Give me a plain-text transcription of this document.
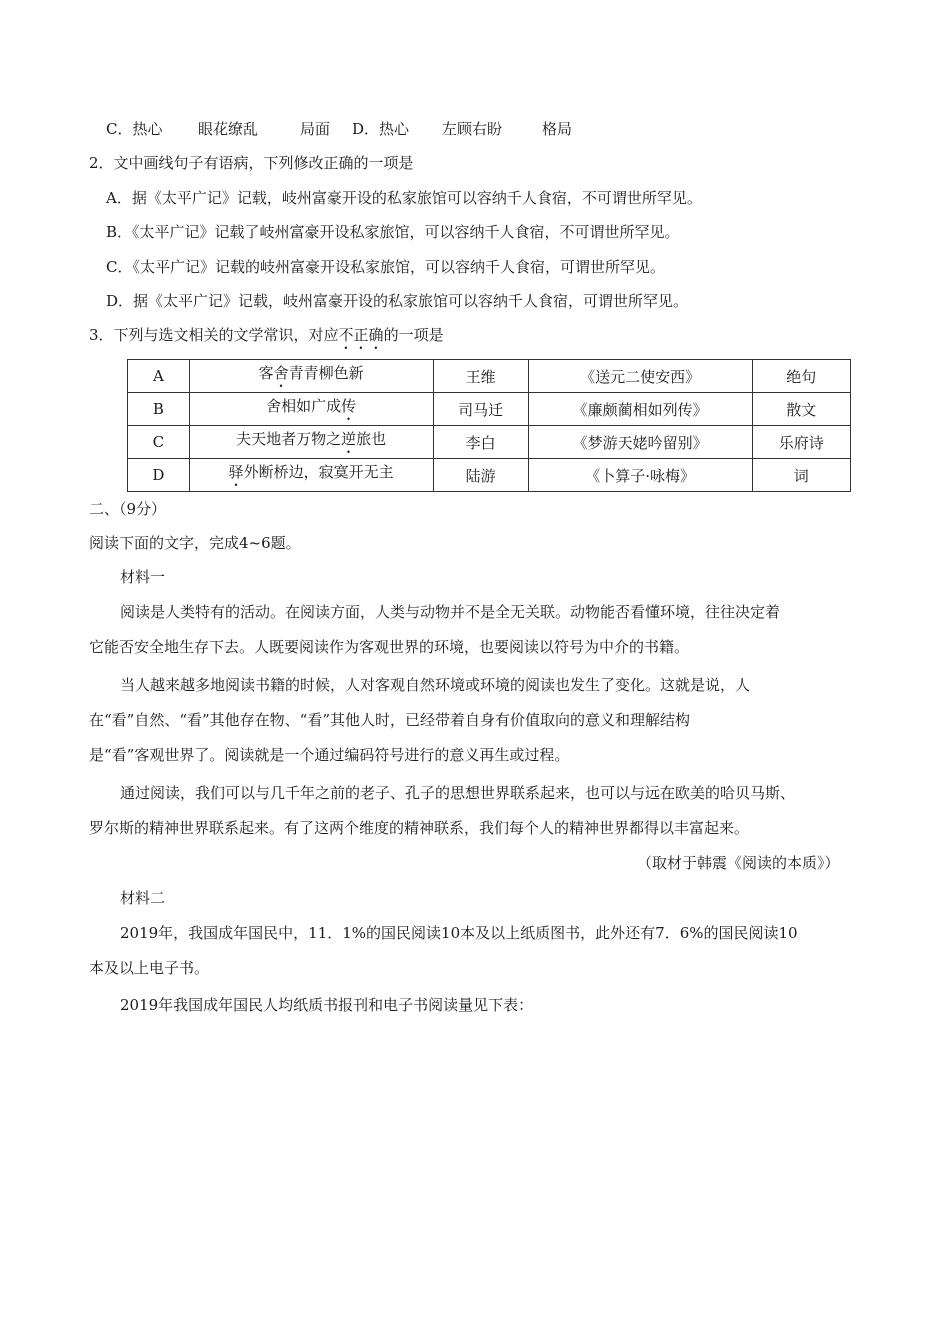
C．热心 眼花缭乱	局面 D．热心 左顾右盼	格局
2．文中画线句子有语病，下列修改正确的一项是
A．据《太平广记》记载，岐州富豪开设的私家旅馆可以容纳千人食宿，不可谓世所罕见。
B．《太平广记》记载了岐州富豪开设私家旅馆，可以容纳千人食宿，不可谓世所罕见。
C．《太平广记》记载的岐州富豪开设私家旅馆，可以容纳千人食宿，可谓世所罕见。
D．据《太平广记》记载，岐州富豪开设的私家旅馆可以容纳千人食宿，可谓世所罕见。
3．下列与选文相关的文学常识，对应不正确的一项是
A	客舍青青柳色新	王维	《送元二使安西》	绝句
B	舍相如广成传	司马迁	《廉颇蔺相如列传》	散文
C	夫天地者万物之逆旅也	李白	《梦游天姥吟留别》	乐府诗
D	驿外断桥边，寂寞开无主	陆游	《卜算子·咏梅》	词
二、（9分）
阅读下面的文字，完成4~6题。
材料一
阅读是人类特有的活动。在阅读方面，人类与动物并不是全无关联。动物能否看懂环境，往往决定着
它能否安全地生存下去。人既要阅读作为客观世界的环境，也要阅读以符号为中介的书籍。
当人越来越多地阅读书籍的时候，人对客观自然环境或环境的阅读也发生了变化。这就是说，人
在“看”自然、“看”其他存在物、“看”其他人时，已经带着自身有价值取向的意义和理解结构
是“看”客观世界了。阅读就是一个通过编码符号进行的意义再生或过程。
通过阅读，我们可以与几千年之前的老子、孔子的思想世界联系起来，也可以与远在欧美的哈贝马斯、
罗尔斯的精神世界联系起来。有了这两个维度的精神联系，我们每个人的精神世界都得以丰富起来。
（取材于韩震《阅读的本质》）
材料二
2019年，我国成年国民中，11．1%的国民阅读10本及以上纸质图书，此外还有7．6%的国民阅读10
本及以上电子书。
2019年我国成年国民人均纸质书报刊和电子书阅读量见下表：
